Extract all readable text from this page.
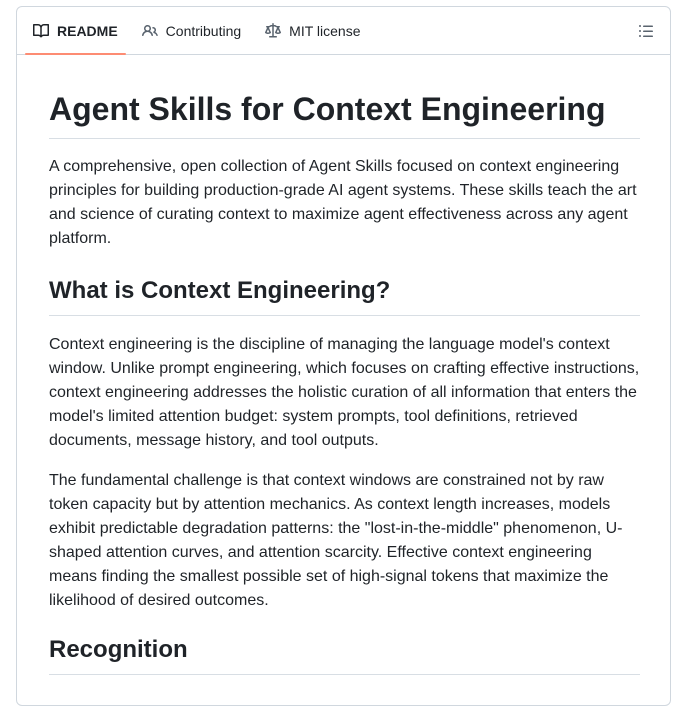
README	Contributing	MIT license
Agent Skills for Context Engineering

A comprehensive, open collection of Agent Skills focused on context engineering principles for building production-grade AI agent systems. These skills teach the art and science of curating context to maximize agent effectiveness across any agent platform.

What is Context Engineering?

Context engineering is the discipline of managing the language model's context window. Unlike prompt engineering, which focuses on crafting effective instructions, context engineering addresses the holistic curation of all information that enters the model's limited attention budget: system prompts, tool definitions, retrieved documents, message history, and tool outputs.

The fundamental challenge is that context windows are constrained not by raw token capacity but by attention mechanics. As context length increases, models exhibit predictable degradation patterns: the "lost-in-the-middle" phenomenon, U-shaped attention curves, and attention scarcity. Effective context engineering means finding the smallest possible set of high-signal tokens that maximize the likelihood of desired outcomes.

Recognition
